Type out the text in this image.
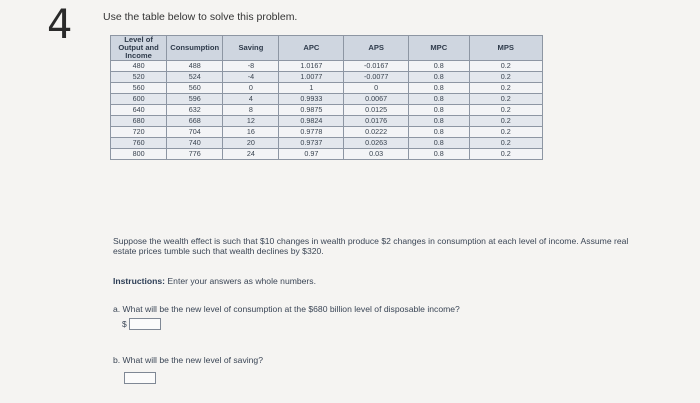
4	Use the table below to solve this problem.
Level of Output and Income	Consumption	Saving	APC	APS	MPC	MPS
480	488	-8	1.0167	-0.0167	0.8	0.2
520	524	-4	1.0077	-0.0077	0.8	0.2
560	560	0	1	0	0.8	0.2
600	596	4	0.9933	0.0067	0.8	0.2
640	632	8	0.9875	0.0125	0.8	0.2
680	668	12	0.9824	0.0176	0.8	0.2
720	704	16	0.9778	0.0222	0.8	0.2
760	740	20	0.9737	0.0263	0.8	0.2
800	776	24	0.97	0.03	0.8	0.2
Suppose the wealth effect is such that $10 changes in wealth produce $2 changes in consumption at each level of income. Assume real estate prices tumble such that wealth declines by $320.
Instructions: Enter your answers as whole numbers.
a. What will be the new level of consumption at the $680 billion level of disposable income?
$
b. What will be the new level of saving?
